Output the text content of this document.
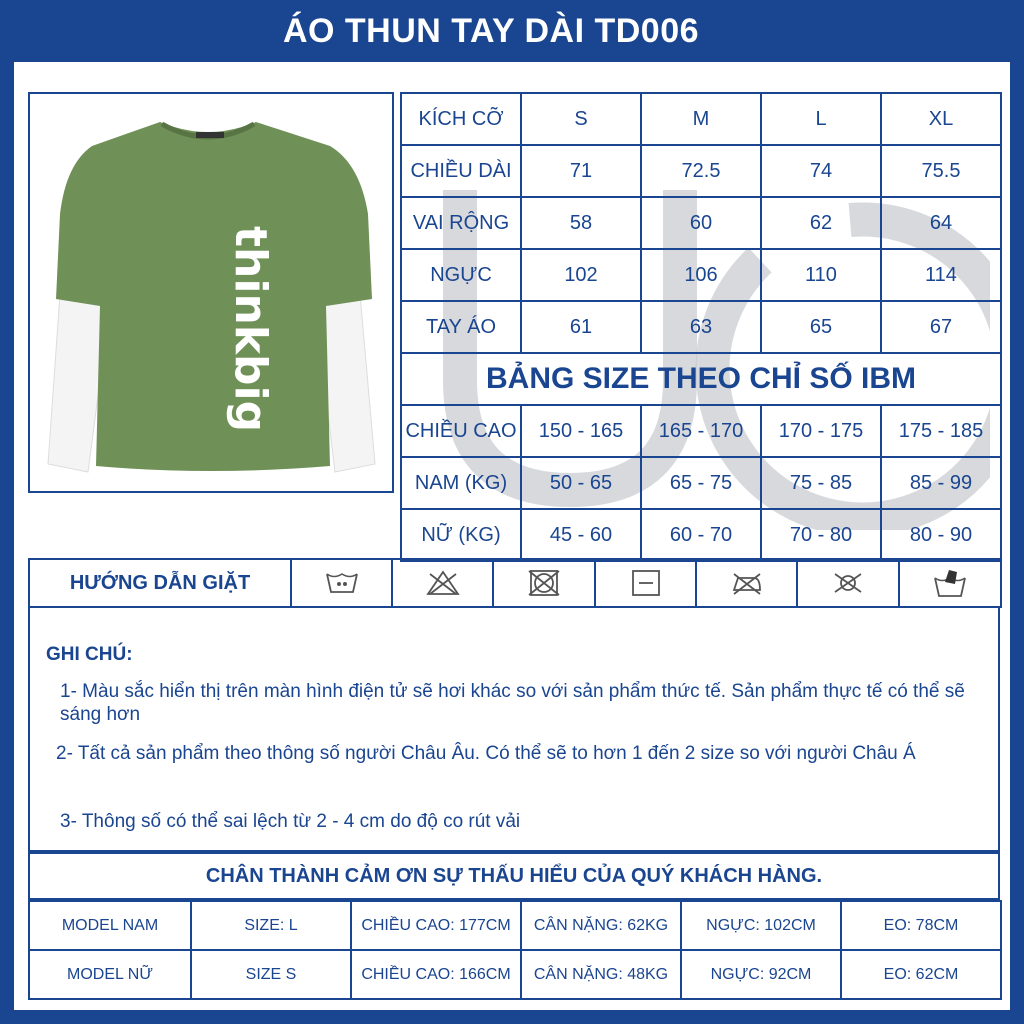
ÁO THUN TAY DÀI TD006
thinkbig
KÍCH CỠ	S	M	L	XL
CHIỀU DÀI	71	72.5	74	75.5
VAI RỘNG	58	60	62	64
NGỰC	102	106	110	114
TAY ÁO	61	63	65	67
BẢNG SIZE THEO CHỈ SỐ IBM				
CHIỀU CAO	150 - 165	165 - 170	170 - 175	175 - 185
NAM (KG)	50 - 65	65 - 75	75 - 85	85 - 99
NỮ (KG)	45 - 60	60 - 70	70 - 80	80 - 90
HƯỚNG DẪN GIẶT	

GHI CHÚ:
1- Màu sắc hiển thị trên màn hình điện tử sẽ hơi khác so với sản phẩm thức tế. Sản phẩm thực tế có thể sẽ sáng hơn
2- Tất cả sản phẩm theo thông số người Châu Âu. Có thể sẽ to hơn 1 đến 2 size so với người Châu Á
3- Thông số có thể sai lệch từ 2 - 4 cm do độ co rút vải
CHÂN THÀNH CẢM ƠN SỰ THẤU HIỂU CỦA QUÝ KHÁCH HÀNG.
MODEL NAM	SIZE: L	CHIỀU CAO: 177CM	CÂN NẶNG: 62KG	NGỰC: 102CM	EO: 78CM
MODEL NỮ	SIZE S	CHIỀU CAO: 166CM	CÂN NẶNG: 48KG	NGỰC: 92CM	EO: 62CM
